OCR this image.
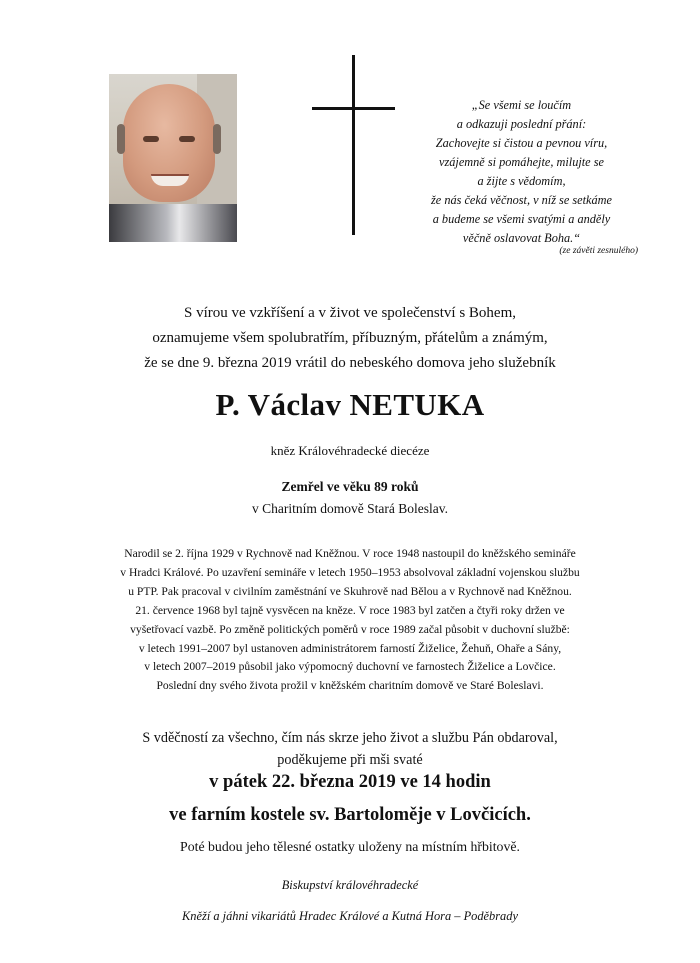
„Se všemi se loučím
a odkazuji poslední přání:
Zachovejte si čistou a pevnou víru,
vzájemně si pomáhejte, milujte se
a žijte s vědomím,
že nás čeká věčnost, v níž se setkáme
a budeme se všemi svatými a anděly
věčně oslavovat Boha.“
(ze závěti zesnulého)
S vírou ve vzkříšení a v život ve společenství s Bohem,
oznamujeme všem spolubratřím, příbuzným, přátelům a známým,
že se dne 9. března 2019 vrátil do nebeského domova jeho služebník
P. Václav NETUKA
kněz Královéhradecké diecéze
Zemřel ve věku 89 roků
v Charitním domově Stará Boleslav.
Narodil se 2. října 1929 v Rychnově nad Kněžnou. V roce 1948 nastoupil do kněžského semináře
v Hradci Králové. Po uzavření semináře v letech 1950–1953 absolvoval základní vojenskou službu
u PTP. Pak pracoval v civilním zaměstnání ve Skuhrově nad Bělou a v Rychnově nad Kněžnou.
21. července 1968 byl tajně vysvěcen na kněze. V roce 1983 byl zatčen a čtyři roky držen ve
vyšetřovací vazbě. Po změně politických poměrů v roce 1989 začal působit v duchovní službě:
v letech 1991–2007 byl ustanoven administrátorem farností Žiželice, Žehuň, Ohaře a Sány,
v letech 2007–2019 působil jako výpomocný duchovní ve farnostech Žiželice a Lovčice.
Poslední dny svého života prožil v kněžském charitním domově ve Staré Boleslavi.
S vděčností za všechno, čím nás skrze jeho život a službu Pán obdaroval,
poděkujeme při mši svaté
v pátek 22. března 2019 ve 14 hodin
ve farním kostele sv. Bartoloměje v Lovčicích.
Poté budou jeho tělesné ostatky uloženy na místním hřbitově.
Biskupství královéhradecké
Kněží a jáhni vikariátů Hradec Králové a Kutná Hora – Poděbrady
